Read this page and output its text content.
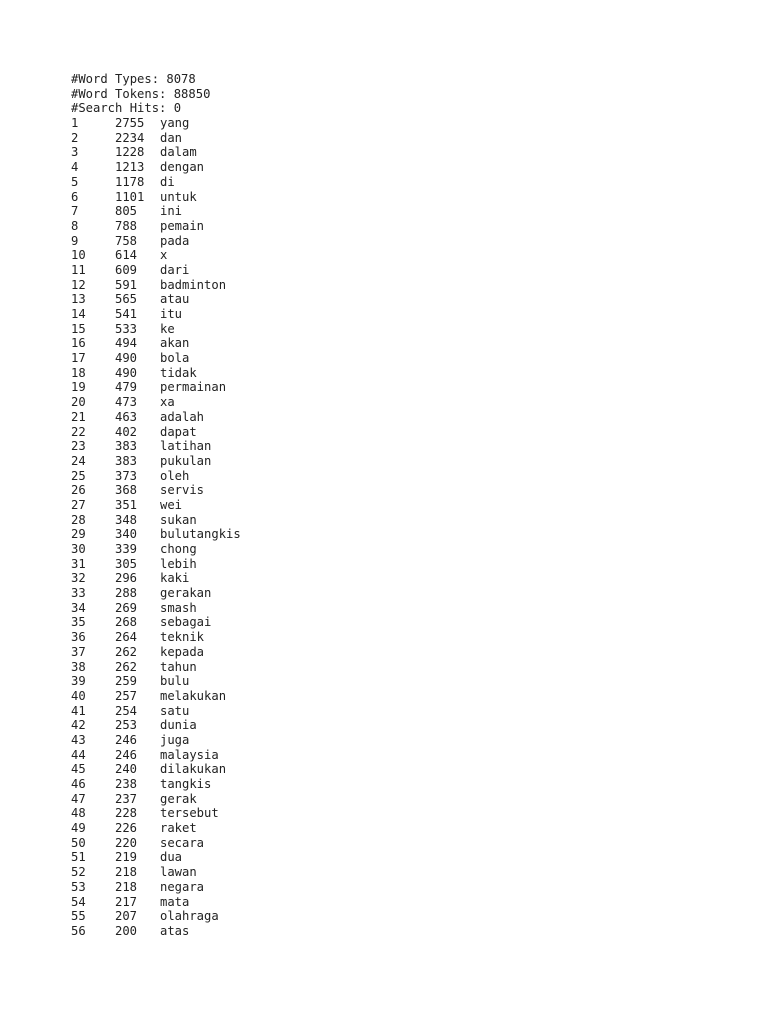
#Word Types: 8078
#Word Tokens: 88850
#Search Hits: 0
1	2755	yang
2	2234	dan
3	1228	dalam
4	1213	dengan
5	1178	di
6	1101	untuk
7	805	ini
8	788	pemain
9	758	pada
10	614	x
11	609	dari
12	591	badminton
13	565	atau
14	541	itu
15	533	ke
16	494	akan
17	490	bola
18	490	tidak
19	479	permainan
20	473	xa
21	463	adalah
22	402	dapat
23	383	latihan
24	383	pukulan
25	373	oleh
26	368	servis
27	351	wei
28	348	sukan
29	340	bulutangkis
30	339	chong
31	305	lebih
32	296	kaki
33	288	gerakan
34	269	smash
35	268	sebagai
36	264	teknik
37	262	kepada
38	262	tahun
39	259	bulu
40	257	melakukan
41	254	satu
42	253	dunia
43	246	juga
44	246	malaysia
45	240	dilakukan
46	238	tangkis
47	237	gerak
48	228	tersebut
49	226	raket
50	220	secara
51	219	dua
52	218	lawan
53	218	negara
54	217	mata
55	207	olahraga
56	200	atas
